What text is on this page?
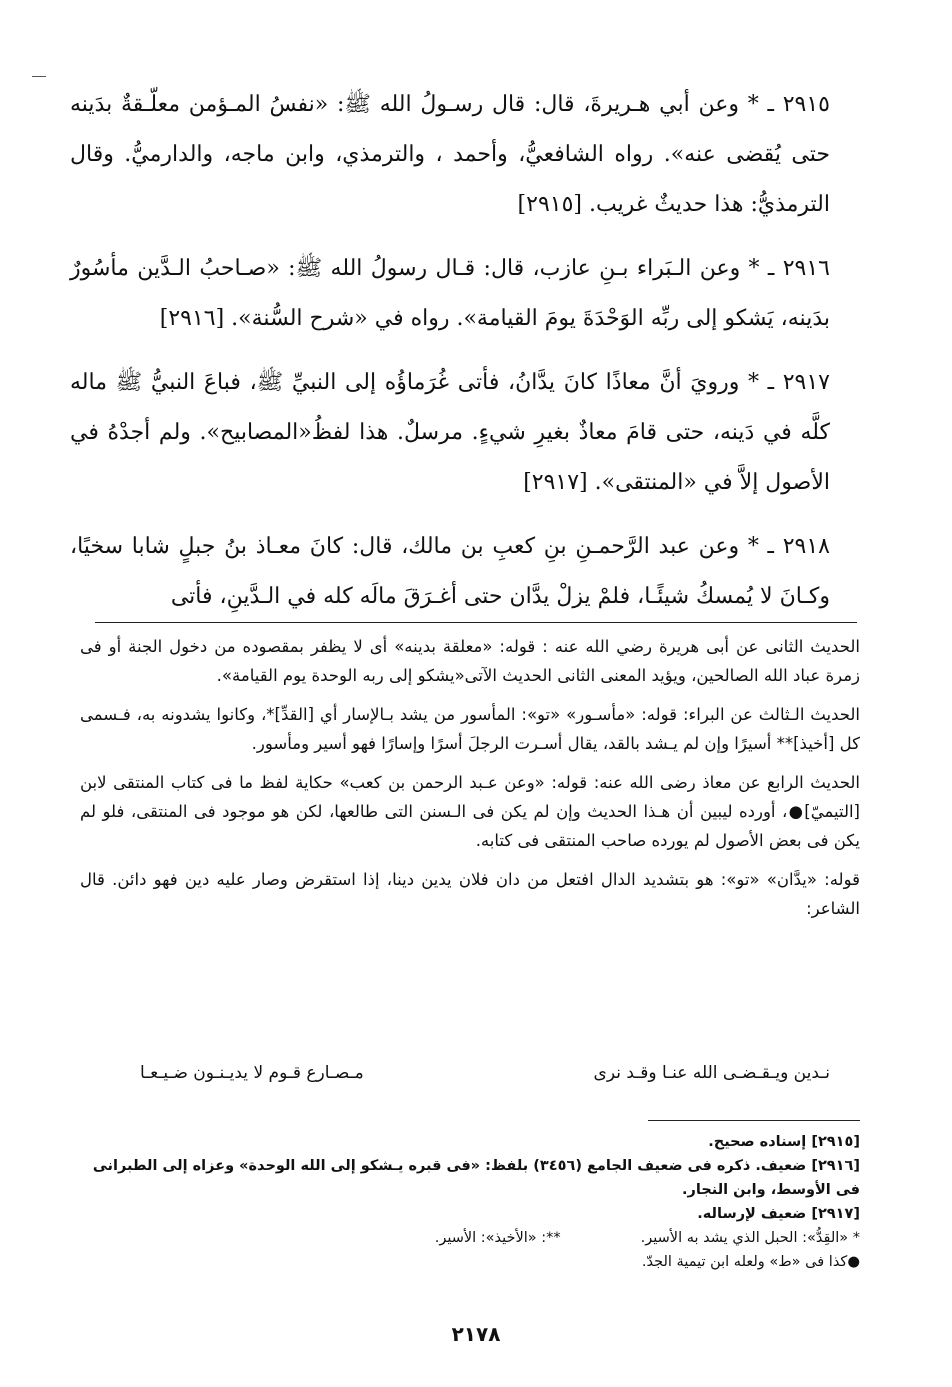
٢٩١٥ ـ * وعن أبي هـريرةَ، قال: قال رسـولُ الله ﷺ: «نفسُ المـؤمن معلّـقةٌ بدَينه حتى يُقضى عنه». رواه الشافعيُّ، وأحمد ، والترمذي، وابن ماجه، والدارميُّ. وقال الترمذيُّ: هذا حديثٌ غريب. [٢٩١٥]

٢٩١٦ ـ * وعن الـبَراء بـنِ عازب، قال: قـال رسولُ الله ﷺ: «صـاحبُ الـدَّين مأسُورٌ بدَينه، يَشكو إلى ربِّه الوَحْدَةَ يومَ القيامة». رواه في «شرح السُّنة». [٢٩١٦]

٢٩١٧ ـ * ورويَ أنَّ معاذًا كانَ يدَّانُ، فأتى غُرَماؤُه إلى النبيِّ ﷺ، فباعَ النبيُّ ﷺ ماله كلَّه في دَينه، حتى قامَ معاذٌ بغيرِ شيءٍ. مرسلٌ. هذا لفظُ«المصابيح». ولم أجدْهُ في الأصول إلاَّ في «المنتقى». [٢٩١٧]

٢٩١٨ ـ * وعن عبد الرَّحمـنِ بنِ كعبِ بن مالك، قال: كانَ معـاذ بنُ جبلٍ شابا سخيًا، وكـانَ لا يُمسكُ شيئًـا، فلمْ يزلْ يدَّان حتى أغـرَقَ مالَه كله في الـدَّينِ، فأتى

الحديث الثانى عن أبى هريرة رضي الله عنه : قوله: «معلقة بدينه» أى لا يظفر بمقصوده من دخول الجنة أو فى زمرة عباد الله الصالحين، ويؤيد المعنى الثانى الحديث الآتى«يشكو إلى ربه الوحدة يوم القيامة».

الحديث الـثالث عن البراء: قوله: «مأسـور» «تو»: المأسور من يشد بـالإسار أي [القدِّ]*، وكانوا يشدونه به، فـسمى كل [أخيذ]** أسيرًا وإن لم يـشد بالقد، يقال أسـرت الرجلَ أسرًا وإسارًا فهو أسير ومأسور.

الحديث الرابع عن معاذ رضى الله عنه: قوله: «وعن عـبد الرحمن بن كعب» حكاية لفظ ما فى كتاب المنتقى لابن [التيميّ]●، أورده ليبين أن هـذا الحديث وإن لم يكن فى الـسنن التى طالعها، لكن هو موجود فى المنتقى، فلو لم يكن فى بعض الأصول لم يورده صاحب المنتقى فى كتابه.

قوله: «يدَّان» «تو»: هو بتشديد الدال افتعل من دان فلان يدين دينا، إذا استقرض وصار عليه دين فهو دائن. قال الشاعر:

نـدين ويـقـضـى الله عنـا وقـد نرى
مـصـارع قـوم لا يديـنـون ضـيـعـا
[٢٩١٥] إسناده صحيح.
[٢٩١٦] ضعيف. ذكره فى ضعيف الجامع (٣٤٥٦) بلفظ: «فى قبره يـشكو إلى الله الوحدة» وعزاه إلى الطبرانى فى الأوسط، وابن النجار.
[٢٩١٧] ضعيف لإرساله.
* «القِدُّ»: الحبل الذي يشد به الأسير.
**: «الأخيذ»: الأسير.
●كذا فى «ط» ولعله ابن تيمية الجدّ.
٢١٧٨
